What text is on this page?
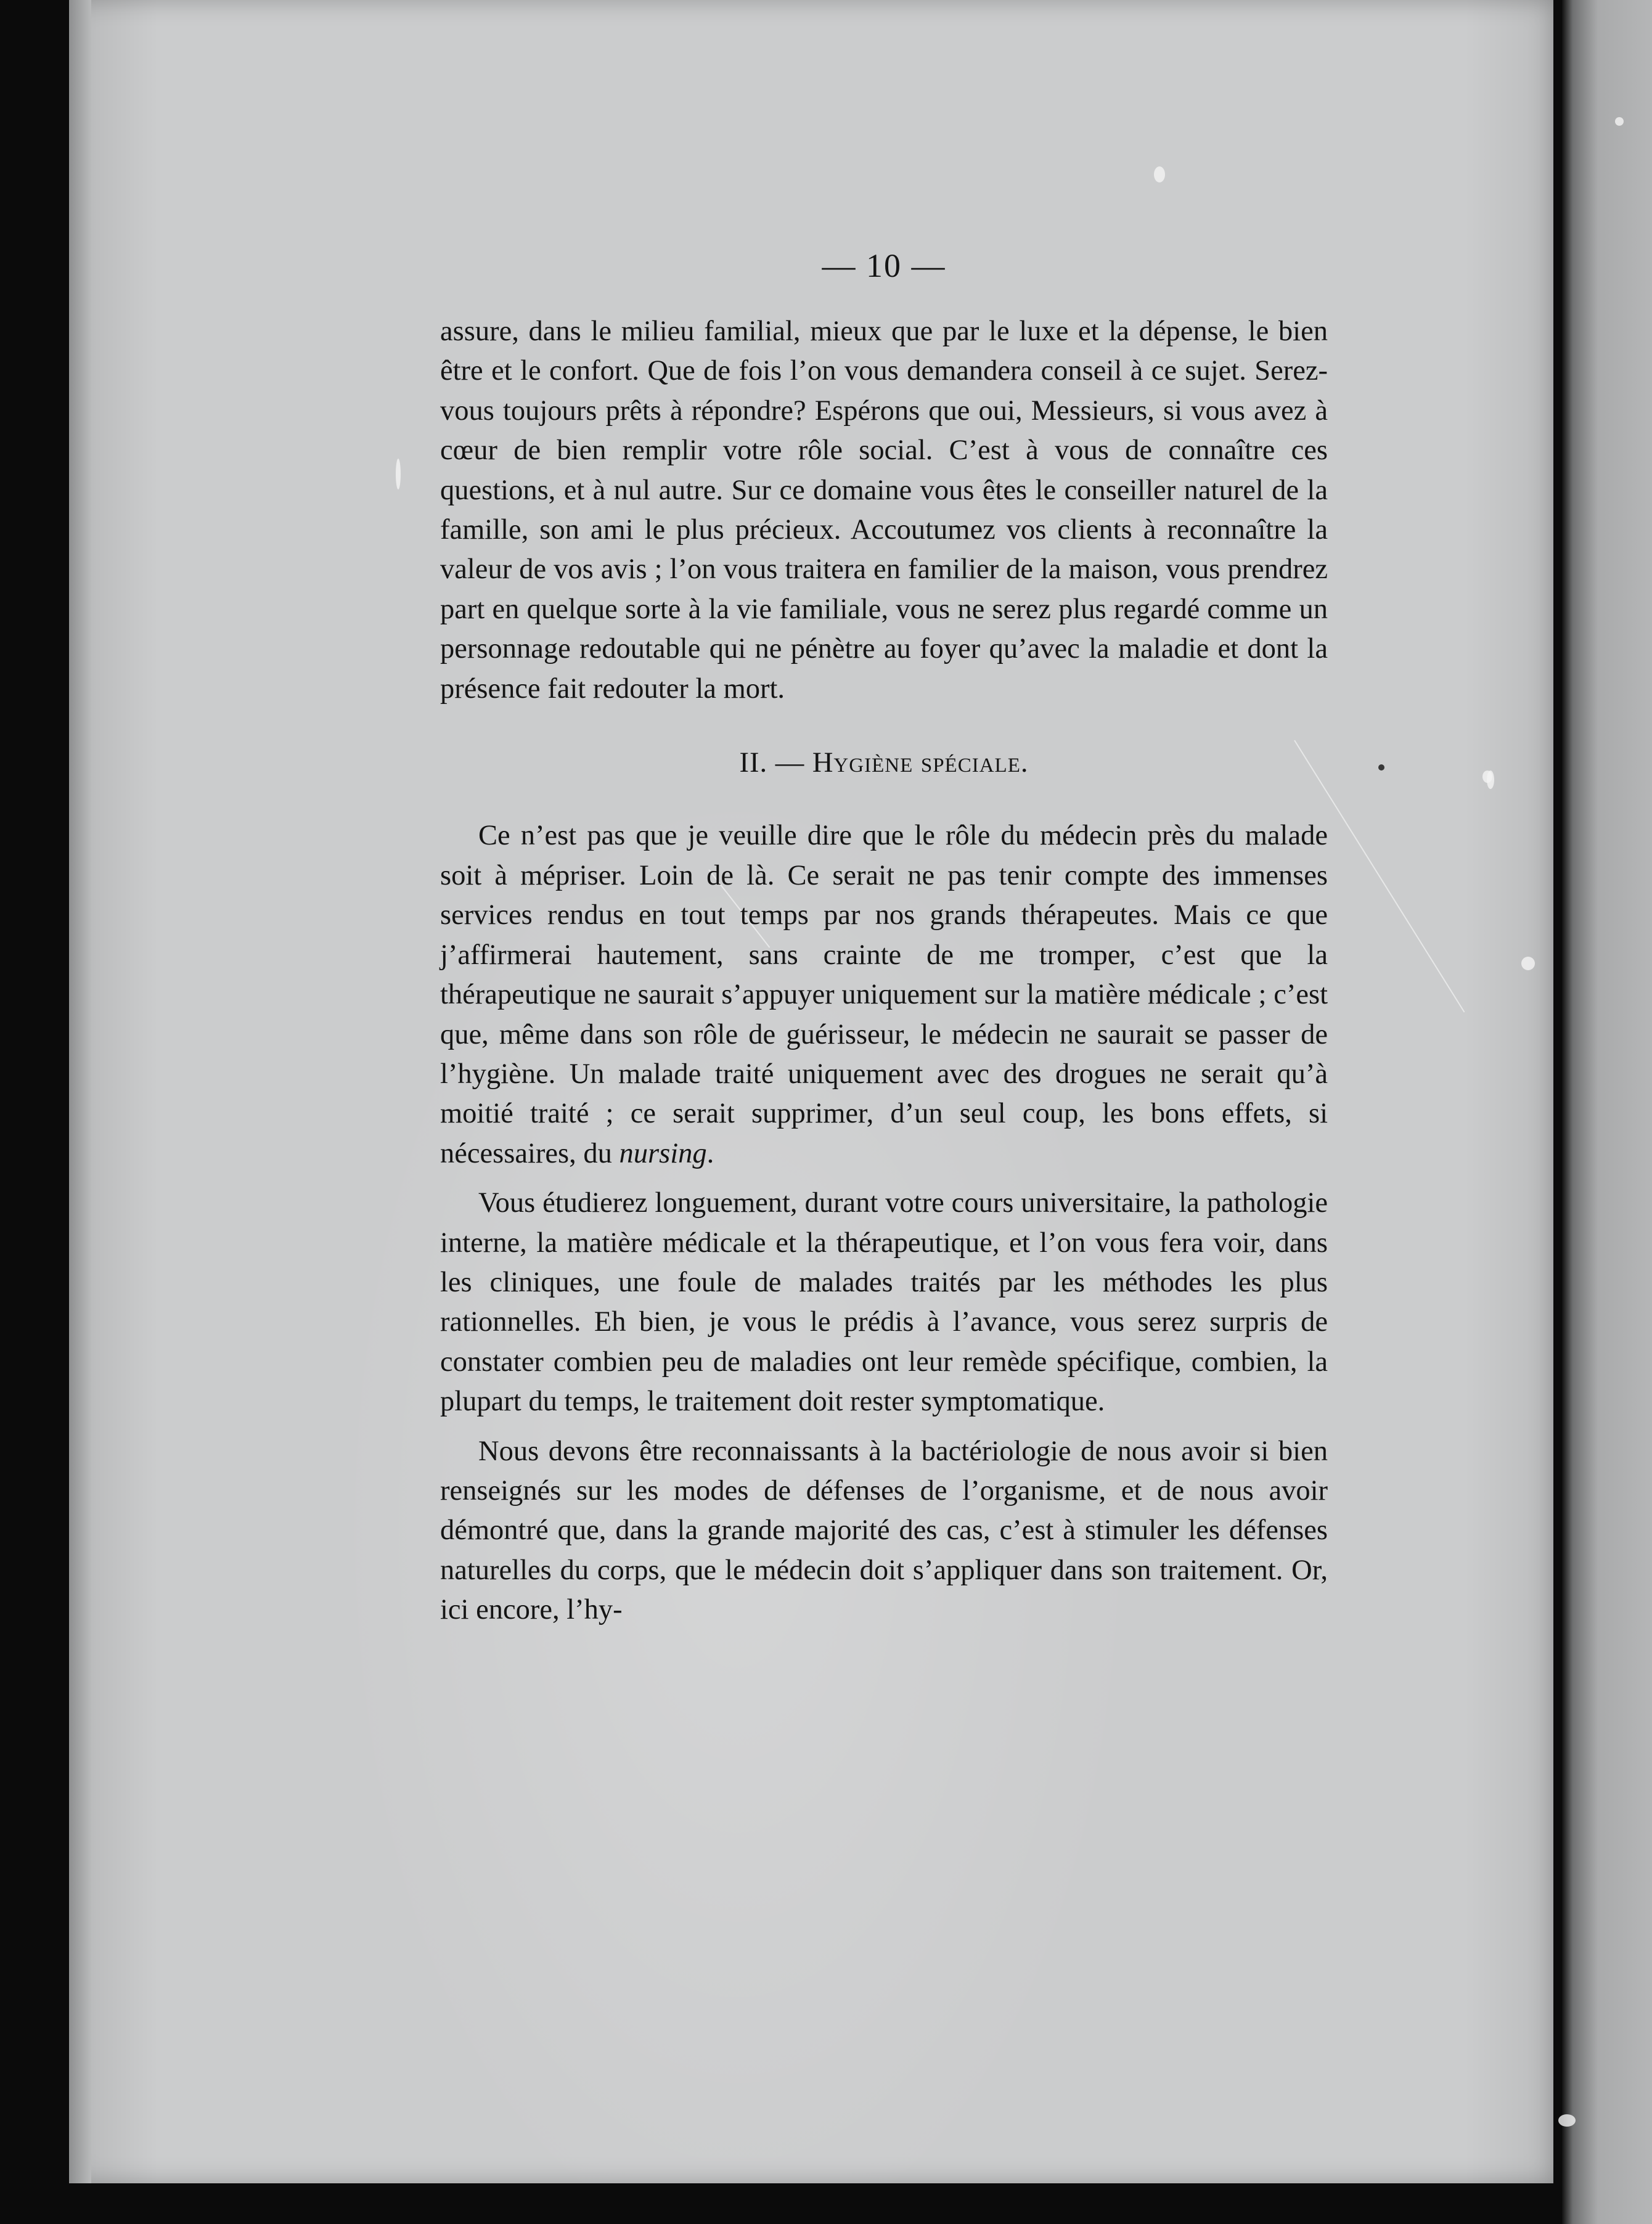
— 10 —

assure, dans le milieu familial, mieux que par le luxe et la dépense, le bien être et le confort. Que de fois l’on vous demandera conseil à ce sujet. Serez-vous toujours prêts à répondre? Espérons que oui, Messieurs, si vous avez à cœur de bien remplir votre rôle social. C’est à vous de connaître ces questions, et à nul autre. Sur ce domaine vous êtes le conseiller naturel de la famille, son ami le plus précieux. Accoutumez vos clients à reconnaître la valeur de vos avis ; l’on vous traitera en familier de la maison, vous prendrez part en quelque sorte à la vie familiale, vous ne serez plus regardé comme un personnage redoutable qui ne pénètre au foyer qu’avec la maladie et dont la présence fait redouter la mort.

II. — Hygiène spéciale.

Ce n’est pas que je veuille dire que le rôle du médecin près du malade soit à mépriser. Loin de là. Ce serait ne pas tenir compte des immenses services rendus en tout temps par nos grands thérapeutes. Mais ce que j’affirmerai hautement, sans crainte de me tromper, c’est que la thérapeutique ne saurait s’appuyer uniquement sur la matière médicale ; c’est que, même dans son rôle de guérisseur, le médecin ne saurait se passer de l’hygiène. Un malade traité uniquement avec des drogues ne serait qu’à moitié traité ; ce serait supprimer, d’un seul coup, les bons effets, si nécessaires, du nursing.

Vous étudierez longuement, durant votre cours universitaire, la pathologie interne, la matière médicale et la thérapeutique, et l’on vous fera voir, dans les cliniques, une foule de malades traités par les méthodes les plus rationnelles. Eh bien, je vous le prédis à l’avance, vous serez surpris de constater combien peu de maladies ont leur remède spécifique, combien, la plupart du temps, le traitement doit rester symptomatique.

Nous devons être reconnaissants à la bactériologie de nous avoir si bien renseignés sur les modes de défenses de l’organisme, et de nous avoir démontré que, dans la grande majorité des cas, c’est à stimuler les défenses naturelles du corps, que le médecin doit s’appliquer dans son traitement. Or, ici encore, l’hy-
